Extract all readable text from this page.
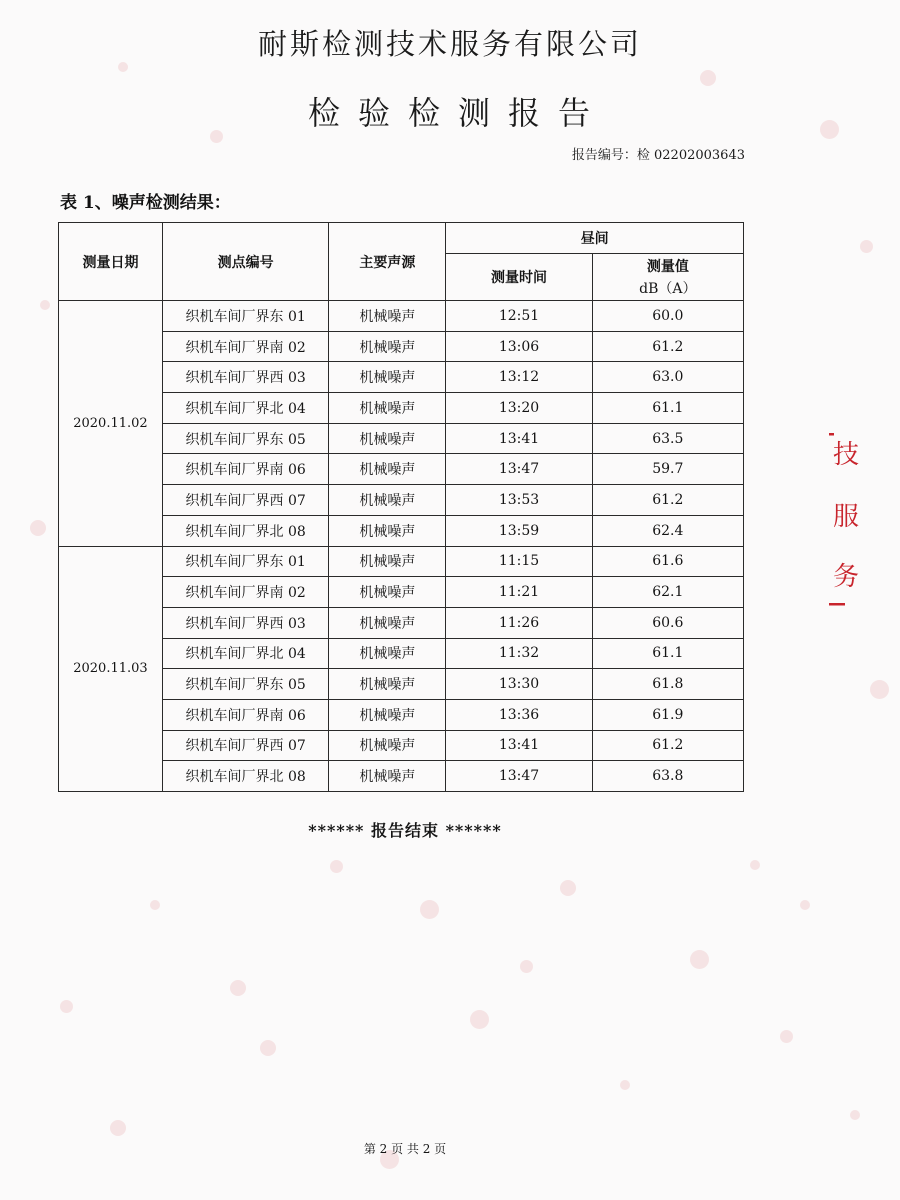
耐斯检测技术服务有限公司
检验检测报告
报告编号：检 02202003643
表 1、噪声检测结果：
测量日期	测点编号	主要声源	昼间	
			测量时间	测量值
dB（A）

2020.11.02	织机车间厂界东 01	机械噪声	12:51	60.0
	织机车间厂界南 02	机械噪声	13:06	61.2
	织机车间厂界西 03	机械噪声	13:12	63.0
	织机车间厂界北 04	机械噪声	13:20	61.1
	织机车间厂界东 05	机械噪声	13:41	63.5
	织机车间厂界南 06	机械噪声	13:47	59.7
	织机车间厂界西 07	机械噪声	13:53	61.2
	织机车间厂界北 08	机械噪声	13:59	62.4
2020.11.03	织机车间厂界东 01	机械噪声	11:15	61.6
	织机车间厂界南 02	机械噪声	11:21	62.1
	织机车间厂界西 03	机械噪声	11:26	60.6
	织机车间厂界北 04	机械噪声	11:32	61.1
	织机车间厂界东 05	机械噪声	13:30	61.8
	织机车间厂界南 06	机械噪声	13:36	61.9
	织机车间厂界西 07	机械噪声	13:41	61.2
	织机车间厂界北 08	机械噪声	13:47	63.8
****** 报告结束 ******
第 2 页 共 2 页
技
服
务
